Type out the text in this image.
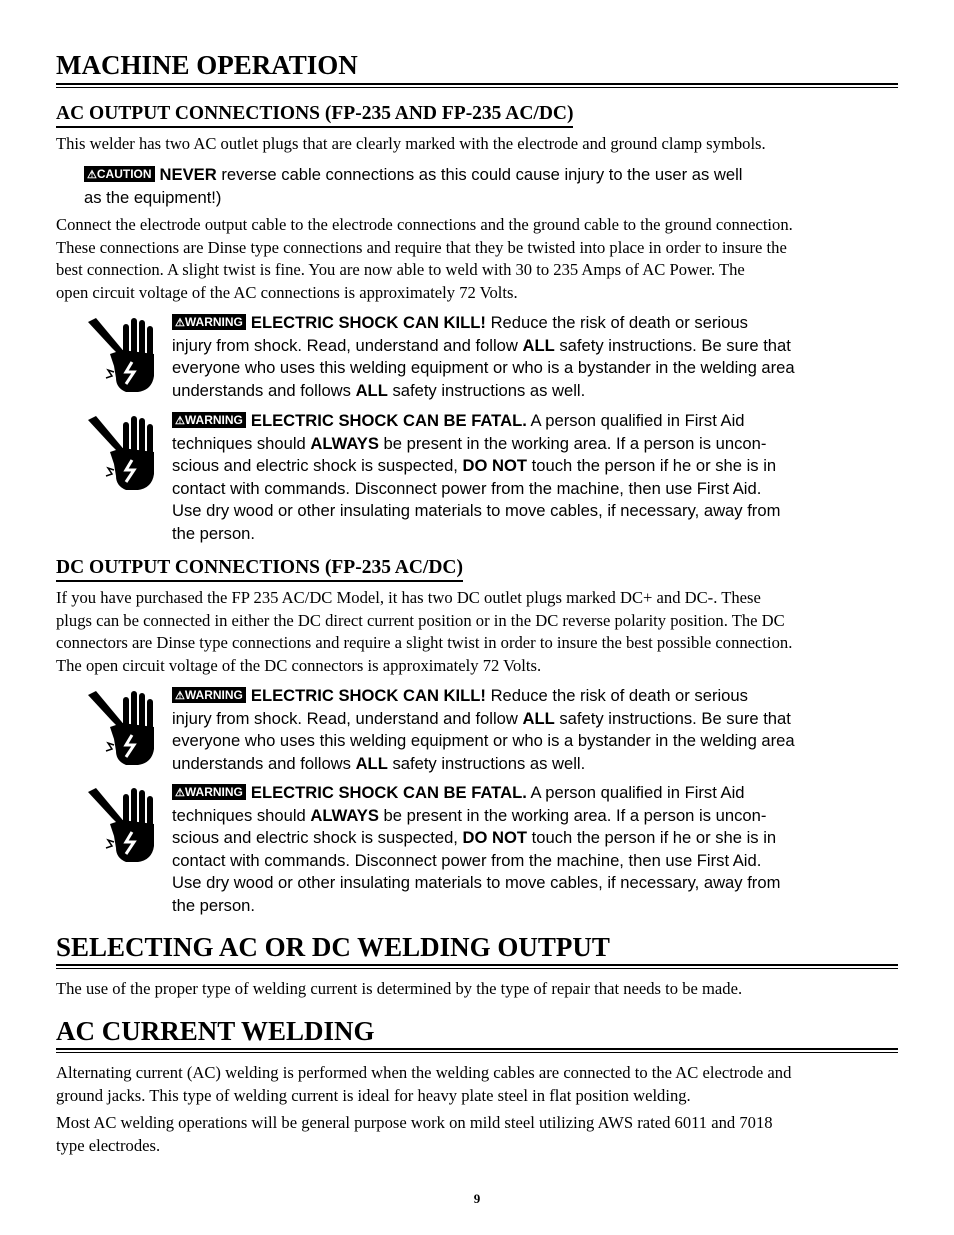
MACHINE OPERATION
AC OUTPUT CONNECTIONS (FP-235 AND FP-235 AC/DC)
This welder has two AC outlet plugs that are clearly marked with the electrode and ground clamp symbols.
⚠CAUTION NEVER reverse cable connections as this could cause injury to the user as well
as the equipment!)
Connect the electrode output cable to the electrode connections and the ground cable to the ground connection.
These connections are Dinse type connections and require that they be twisted into place in order to insure the
best connection. A slight twist is fine. You are now able to weld with 30 to 235 Amps of AC Power. The
open circuit voltage of the AC connections is approximately 72 Volts.
⚠WARNING ELECTRIC SHOCK CAN KILL! Reduce the risk of death or serious
injury from shock. Read, understand and follow ALL safety instructions. Be sure that
everyone who uses this welding equipment or who is a bystander in the welding area
understands and follows ALL safety instructions as well.
⚠WARNING ELECTRIC SHOCK CAN BE FATAL. A person qualified in First Aid
techniques should ALWAYS be present in the working area. If a person is uncon-
scious and electric shock is suspected, DO NOT touch the person if he or she is in
contact with commands. Disconnect power from the machine, then use First Aid.
Use dry wood or other insulating materials to move cables, if necessary, away from
the person.
DC OUTPUT CONNECTIONS (FP-235 AC/DC)
If you have purchased the FP 235 AC/DC Model, it has two DC outlet plugs marked DC+ and DC-. These
plugs can be connected in either the DC direct current position or in the DC reverse polarity position. The DC
connectors are Dinse type connections and require a slight twist in order to insure the best possible connection.
The open circuit voltage of the DC connectors is approximately 72 Volts.
⚠WARNING ELECTRIC SHOCK CAN KILL! Reduce the risk of death or serious
injury from shock. Read, understand and follow ALL safety instructions. Be sure that
everyone who uses this welding equipment or who is a bystander in the welding area
understands and follows ALL safety instructions as well.
⚠WARNING ELECTRIC SHOCK CAN BE FATAL. A person qualified in First Aid
techniques should ALWAYS be present in the working area. If a person is uncon-
scious and electric shock is suspected, DO NOT touch the person if he or she is in
contact with commands. Disconnect power from the machine, then use First Aid.
Use dry wood or other insulating materials to move cables, if necessary, away from
the person.
SELECTING AC OR DC WELDING OUTPUT
The use of the proper type of welding current is determined by the type of repair that needs to be made.
AC CURRENT WELDING
Alternating current (AC) welding is performed when the welding cables are connected to the AC electrode and
ground jacks. This type of welding current is ideal for heavy plate steel in flat position welding.
Most AC welding operations will be general purpose work on mild steel utilizing AWS rated 6011 and 7018
type electrodes.
9
